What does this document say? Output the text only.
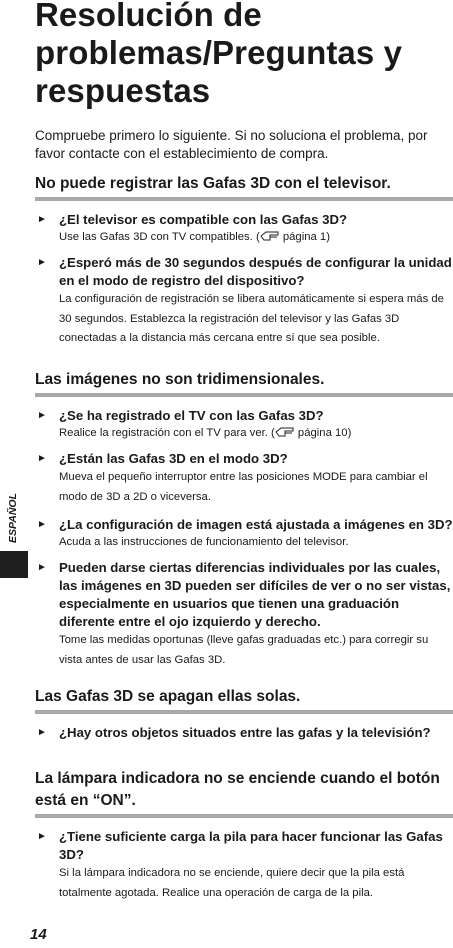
Resolución de problemas/Preguntas y respuestas

Compruebe primero lo siguiente. Si no soluciona el problema, por favor contacte con el establecimiento de compra.

No puede registrar las Gafas 3D con el televisor.
► ¿El televisor es compatible con las Gafas 3D?

Use las Gafas 3D con TV compatibles. ( página 1)

► ¿Esperó más de 30 segundos después de configurar la unidad en el modo de registro del dispositivo?

La configuración de registración se libera automáticamente si espera más de 30 segundos. Establezca la registración del televisor y las Gafas 3D conectadas a la distancia más cercana entre sí que sea posible.

Las imágenes no son tridimensionales.
► ¿Se ha registrado el TV con las Gafas 3D?

Realice la registración con el TV para ver. ( página 10)

► ¿Están las Gafas 3D en el modo 3D?

Mueva el pequeño interruptor entre las posiciones MODE para cambiar el modo de 3D a 2D o viceversa.

► ¿La configuración de imagen está ajustada a imágenes en 3D?

Acuda a las instrucciones de funcionamiento del televisor.

► Pueden darse ciertas diferencias individuales por las cuales, las imágenes en 3D pueden ser difíciles de ver o no ser vistas, especialmente en usuarios que tienen una graduación diferente entre el ojo izquierdo y derecho.

Tome las medidas oportunas (lleve gafas graduadas etc.) para corregir su vista antes de usar las Gafas 3D.

Las Gafas 3D se apagan ellas solas.
► ¿Hay otros objetos situados entre las gafas y la televisión?

La lámpara indicadora no se enciende cuando el botón está en “ON”.
► ¿Tiene suficiente carga la pila para hacer funcionar las Gafas 3D?

Si la lámpara indicadora no se enciende, quiere decir que la pila está totalmente agotada. Realice una operación de carga de la pila.

ESPAÑOL
14
